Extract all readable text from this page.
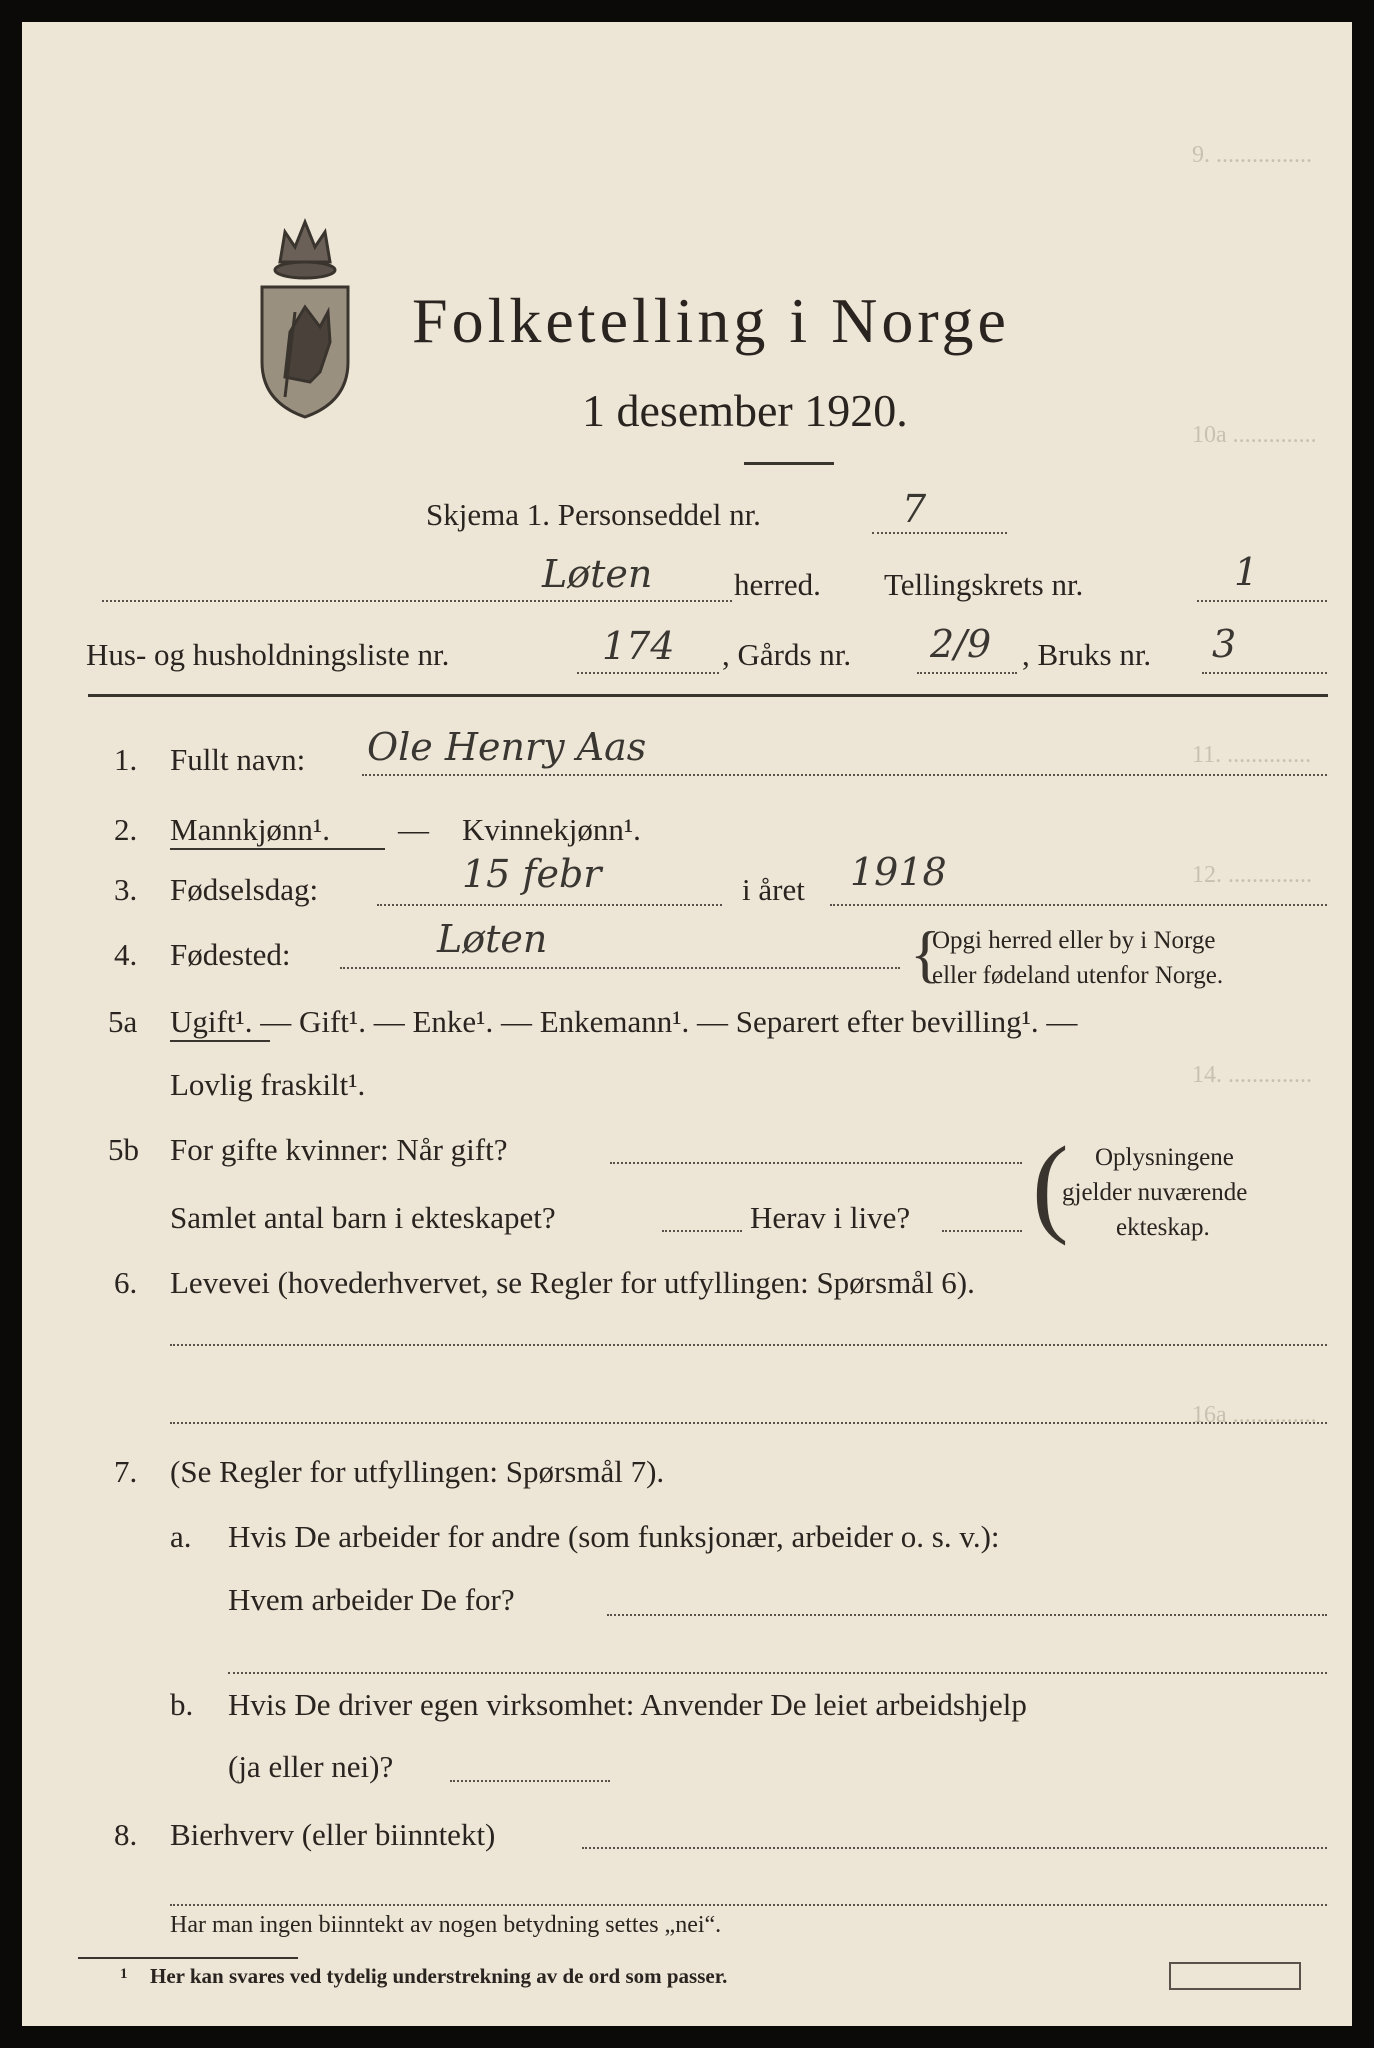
9. ................
10a ..............
11. ..............
12. ..............
14. ..............
16a ..............
Folketelling i Norge
1 desember 1920.
Skjema 1. Personseddel nr.	7
Løten	herred. Tellingskrets nr.	1
Hus- og husholdningsliste nr.	174 , Gårds nr. 2/9 , Bruks nr. 3
1. Fullt navn: Ole Henry Aas
2. Mannkjønn¹. — Kvinnekjønn¹.
3. Fødselsdag:	15 febr	i året 1918
4. Fødested:	Løten	{
Opgi herred eller by i Norge
eller fødeland utenfor Norge.
5a Ugift¹. — Gift¹. — Enke¹. — Enkemann¹. — Separert efter bevilling¹. —
Lovlig fraskilt¹.
5b For gifte kvinner: Når gift?
Samlet antal barn i ekteskapet?	Herav i live? ( Oplysningene
gjelder nuværende
ekteskap.
6. Levevei (hovederhvervet, se Regler for utfyllingen: Spørsmål 6).
7. (Se Regler for utfyllingen: Spørsmål 7).
a. Hvis De arbeider for andre (som funksjonær, arbeider o. s. v.):
Hvem arbeider De for?
b. Hvis De driver egen virksomhet: Anvender De leiet arbeidshjelp
(ja eller nei)?
8. Bierhverv (eller biinntekt)
Har man ingen biinntekt av nogen betydning settes „nei“.
1 Her kan svares ved tydelig understrekning av de ord som passer.
